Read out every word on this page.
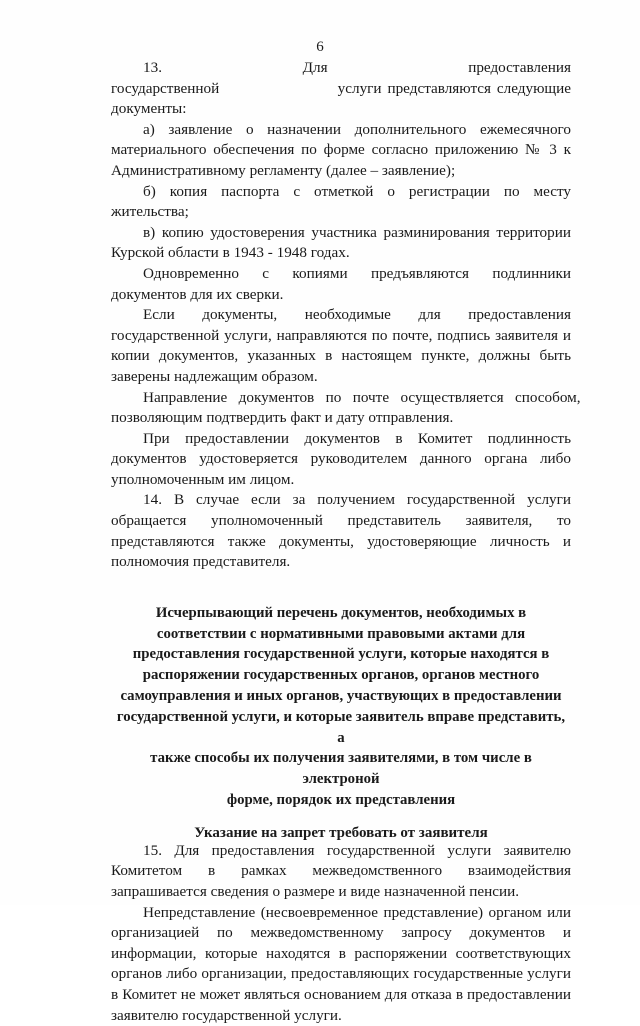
6

13.         Для         предоставления государственной                    услуги представляются следующие документы:

а)   заявление   о   назначении   дополнительного   ежемесячного материального обеспечения по форме согласно приложению № 3 к Административному регламенту (далее – заявление);

б) копия паспорта с отметкой о регистрации по месту жительства;

в) копию удостоверения участника разминирования территории Курской области в 1943 - 1948 годах.

Одновременно с копиями предъявляются подлинники документов для их сверки.

Если документы, необходимые для предоставления государственной услуги, направляются по почте, подпись заявителя и копии документов, указанных в настоящем пункте, должны быть заверены надлежащим образом.

Направление   документов   по   почте   осуществляется   способом, позволяющим подтвердить факт и дату отправления.

При предоставлении документов в Комитет подлинность документов удостоверяется руководителем данного органа либо уполномоченным им лицом.

14. В случае если за получением государственной услуги обращается уполномоченный представитель заявителя, то представляются также документы, удостоверяющие личность и полномочия представителя.

Исчерпывающий перечень документов, необходимых в

соответствии с нормативными правовыми актами для

предоставления государственной услуги, которые находятся в

распоряжении государственных органов, органов местного

самоуправления и иных органов, участвующих в предоставлении

государственной услуги, и которые заявитель вправе представить, а

также способы их получения заявителями, в том числе в электроной

форме, порядок их представления

15. Для предоставления государственной услуги заявителю Комитетом в рамках межведомственного взаимодействия запрашивается сведения о размере и виде назначенной пенсии.

Непредставление (несвоевременное представление) органом или организацией по межведомственному запросу документов и информации, которые находятся в распоряжении соответствующих органов либо организации, предоставляющих государственные услуги в Комитет не может являться основанием для отказа в предоставлении заявителю государственной услуги.

Указание на запрет требовать от заявителя
